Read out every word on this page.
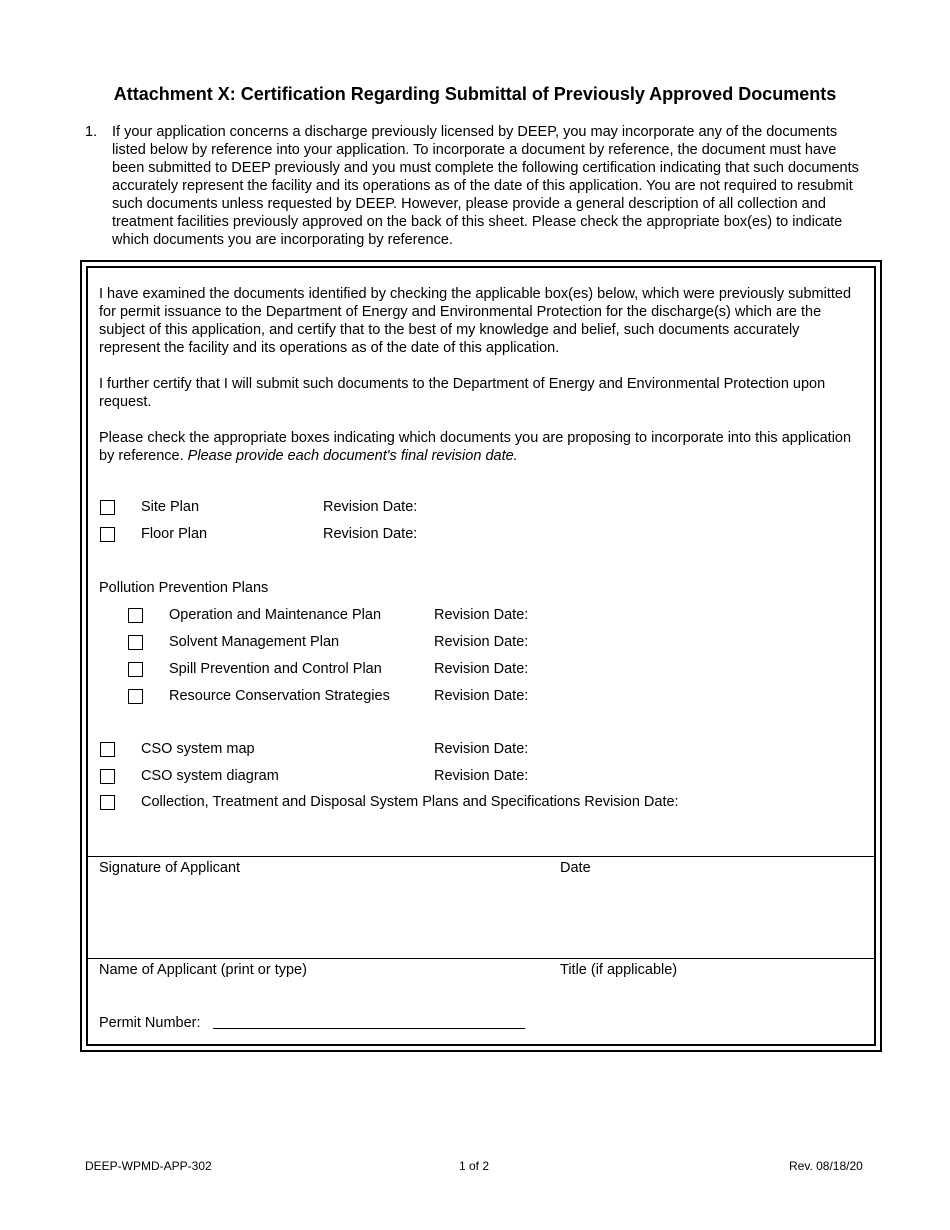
Attachment X: Certification Regarding Submittal of Previously Approved Documents
1. If your application concerns a discharge previously licensed by DEEP, you may incorporate any of the documents listed below by reference into your application. To incorporate a document by reference, the document must have been submitted to DEEP previously and you must complete the following certification indicating that such documents accurately represent the facility and its operations as of the date of this application. You are not required to resubmit such documents unless requested by DEEP. However, please provide a general description of all collection and treatment facilities previously approved on the back of this sheet. Please check the appropriate box(es) to indicate which documents you are incorporating by reference.
I have examined the documents identified by checking the applicable box(es) below, which were previously submitted for permit issuance to the Department of Energy and Environmental Protection for the discharge(s) which are the subject of this application, and certify that to the best of my knowledge and belief, such documents accurately represent the facility and its operations as of the date of this application.
I further certify that I will submit such documents to the Department of Energy and Environmental Protection upon request.
Please check the appropriate boxes indicating which documents you are proposing to incorporate into this application by reference. Please provide each document's final revision date.
Site Plan	Revision Date:
Floor Plan	Revision Date:
Pollution Prevention Plans
Operation and Maintenance Plan	Revision Date:
Solvent Management Plan	Revision Date:
Spill Prevention and Control Plan	Revision Date:
Resource Conservation Strategies	Revision Date:
CSO system map	Revision Date:
CSO system diagram	Revision Date:
Collection, Treatment and Disposal System Plans and Specifications Revision Date:
Signature of Applicant	Date
Name of Applicant (print or type)	Title (if applicable)
Permit Number:
DEEP-WPMD-APP-302	1 of 2	Rev. 08/18/20
